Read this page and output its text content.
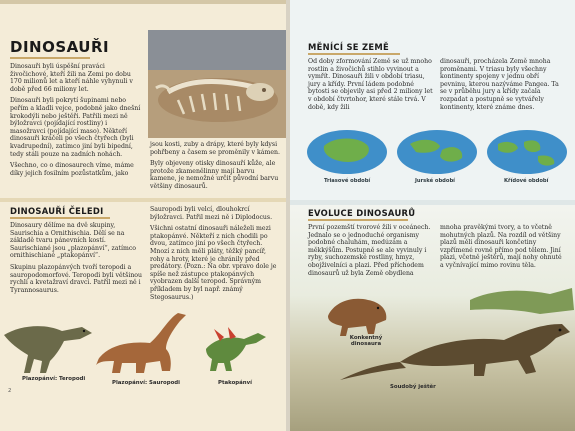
DINOSAUŘI

Dinosauři byli úspěšní praváci živočichové, kteří žili na Zemi po dobu 170 milionů let a kteří náhle vyhynuli v době před 66 miliony let.

Dinosauři byli pokrytí šupinami nebo peřím a kladli vejce, podobně jako dnešní krokodýli nebo ještěři. Patřili mezi ně býložravci (pojídající rostliny) i masožravci (pojídající maso). Někteří dinosauři kráčeli po všech čtyřech (byli kvadrupední), zatímco jiní byli bipední, tedy stáli pouze na zadních nohách.

Všechno, co o dinosaurech víme, máme díky jejich fosilním pozůstatkům, jako

jsou kosti, zuby a drápy, které byly kdysi pohřbeny a časem se proměnily v kámen.

Byly objeveny otisky dinosauří kůže, ale protože zkamenělinny mají barvu kamene, je nemožné určit původní barvu většiny dinosaurů.

DINOSAUŘÍ ČELEDI

Dinosaury dělíme na dvě skupiny, Saurischia a Ornithischia. Dělí se na základě tvaru pánevních kostí. Saurischiané jsou „plazopánví“, zatímco ornithischiané „ptakopánví“.

Skupinu plazopánvých tvoří teropodi a sauropodomorfové. Teropodi byli většinou rychlí a kvetažraví dravci. Patřil mezi ně i Tyrannosaurus.

Sauropodi byli velcí, dlouhokrcí býložravci. Patřil mezi ně i Diplodocus.

Všichni ostatní dinosauři náleželi mezi ptakopánvé. Někteří z nich chodili po dvou, zatímco jiní po všech čtyřech. Mnozí z nich měli pláty, těžký pancíř, rohy a hroty, které je chránily před predátory. (Pozn.: Na obr. vpravo dole je spíše než zástupce ptakopánvých vyobrazen další teropod. Správným příkladem by byl např. známý Stegosaurus.)

Plazopánví: Teropodi
Plazopánví: Sauropodi	Ptakopánví
2
MĚNÍCÍ SE ZEMĚ
Od doby zformování Země se už mnoho rostlin a živočichů stihlo vyvinout a vymřít. Dinosauři žili v období triasu, jury a křídy. První ládem podobné bytosti se objevily asi před 2 miliony let v období čtvrtohor, které stále trvá. V době, kdy žili
dinosauři, procházela Země mnoha proměnami. V triasu byly všechny kontinenty spojeny v jednu obří pevninu, kterou nazýváme Pangea. Ta se v průběhu jury a křídy začala rozpadat a postupně se vytvářely kontinenty, které známe dnes.
Triasové období	Jurské období	Křídové období
EVOLUCE DINOSAURŮ
První pozemští tvorové žili v oceánech. Jednalo se o jednoduché organismy podobné chaluhám, medúzám a měkkýšům. Postupně se ale vyvinuly i ryby, suchozemské rostliny, hmyz, obojživelníci a plazi. Před příchodem dinosaurů už byla Země obydlena
mnoha pravěkými tvory, a to včetně mohutných plazů. Na rozdíl od většiny plazů měli dinosauři končetiny vzpřímené rovně přímo pod tělem. Jiní plazi, včetně ještěrů, mají nohy ohnuté a vyčnívající mimo rovinu těla.
Konkentný dinosaura
Soudobý ještěr
